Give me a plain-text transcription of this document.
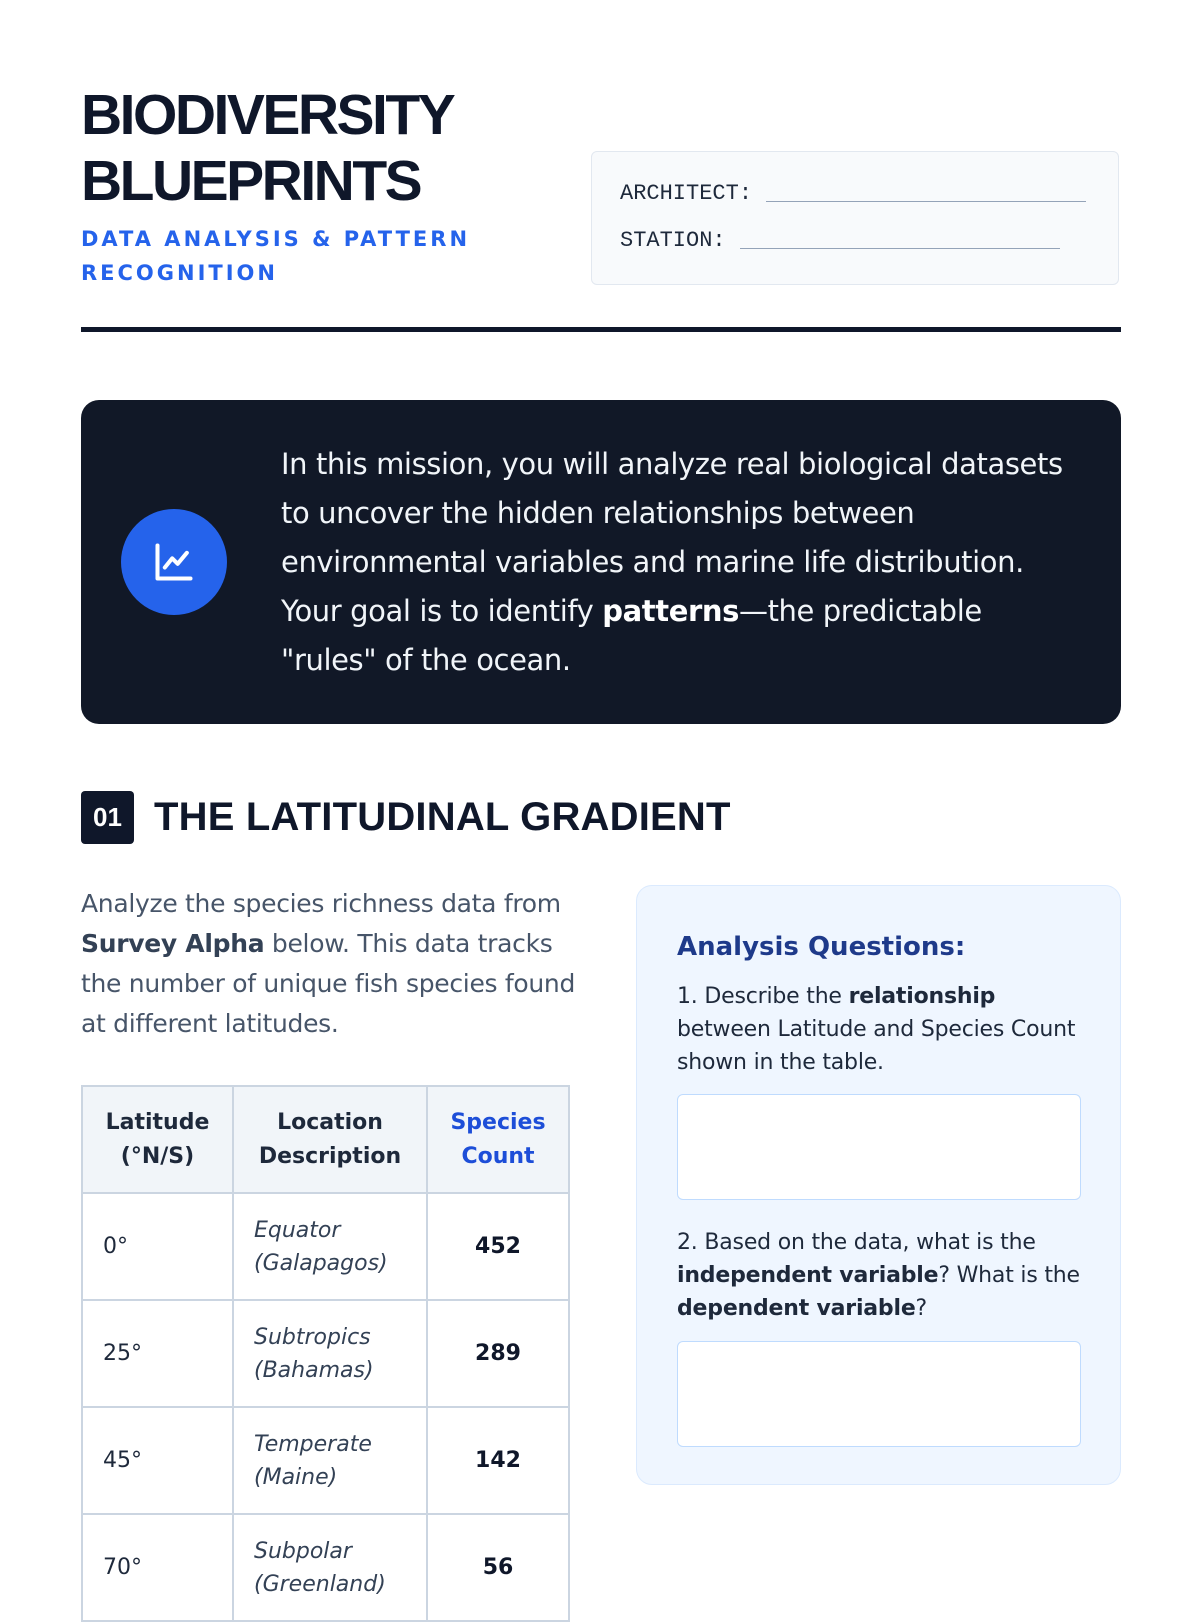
BIODIVERSITY
BLUEPRINTS
DATA ANALYSIS & PATTERN
RECOGNITION
ARCHITECT:
STATION:
In this mission, you will analyze real biological datasets to uncover the hidden relationships between environmental variables and marine life distribution. Your goal is to identify patterns—the predictable "rules" of the ocean.
01 THE LATITUDINAL GRADIENT
Analyze the species richness data from Survey Alpha below. This data tracks the number of unique fish species found at different latitudes.
Latitude (°N/S)	Location Description	Species Count
0°	Equator (Galapagos)	452
25°	Subtropics (Bahamas)	289
45°	Temperate (Maine)	142
70°	Subpolar (Greenland)	56
Analysis Questions:
1. Describe the relationship between Latitude and Species Count shown in the table.
2. Based on the data, what is the independent variable? What is the dependent variable?
